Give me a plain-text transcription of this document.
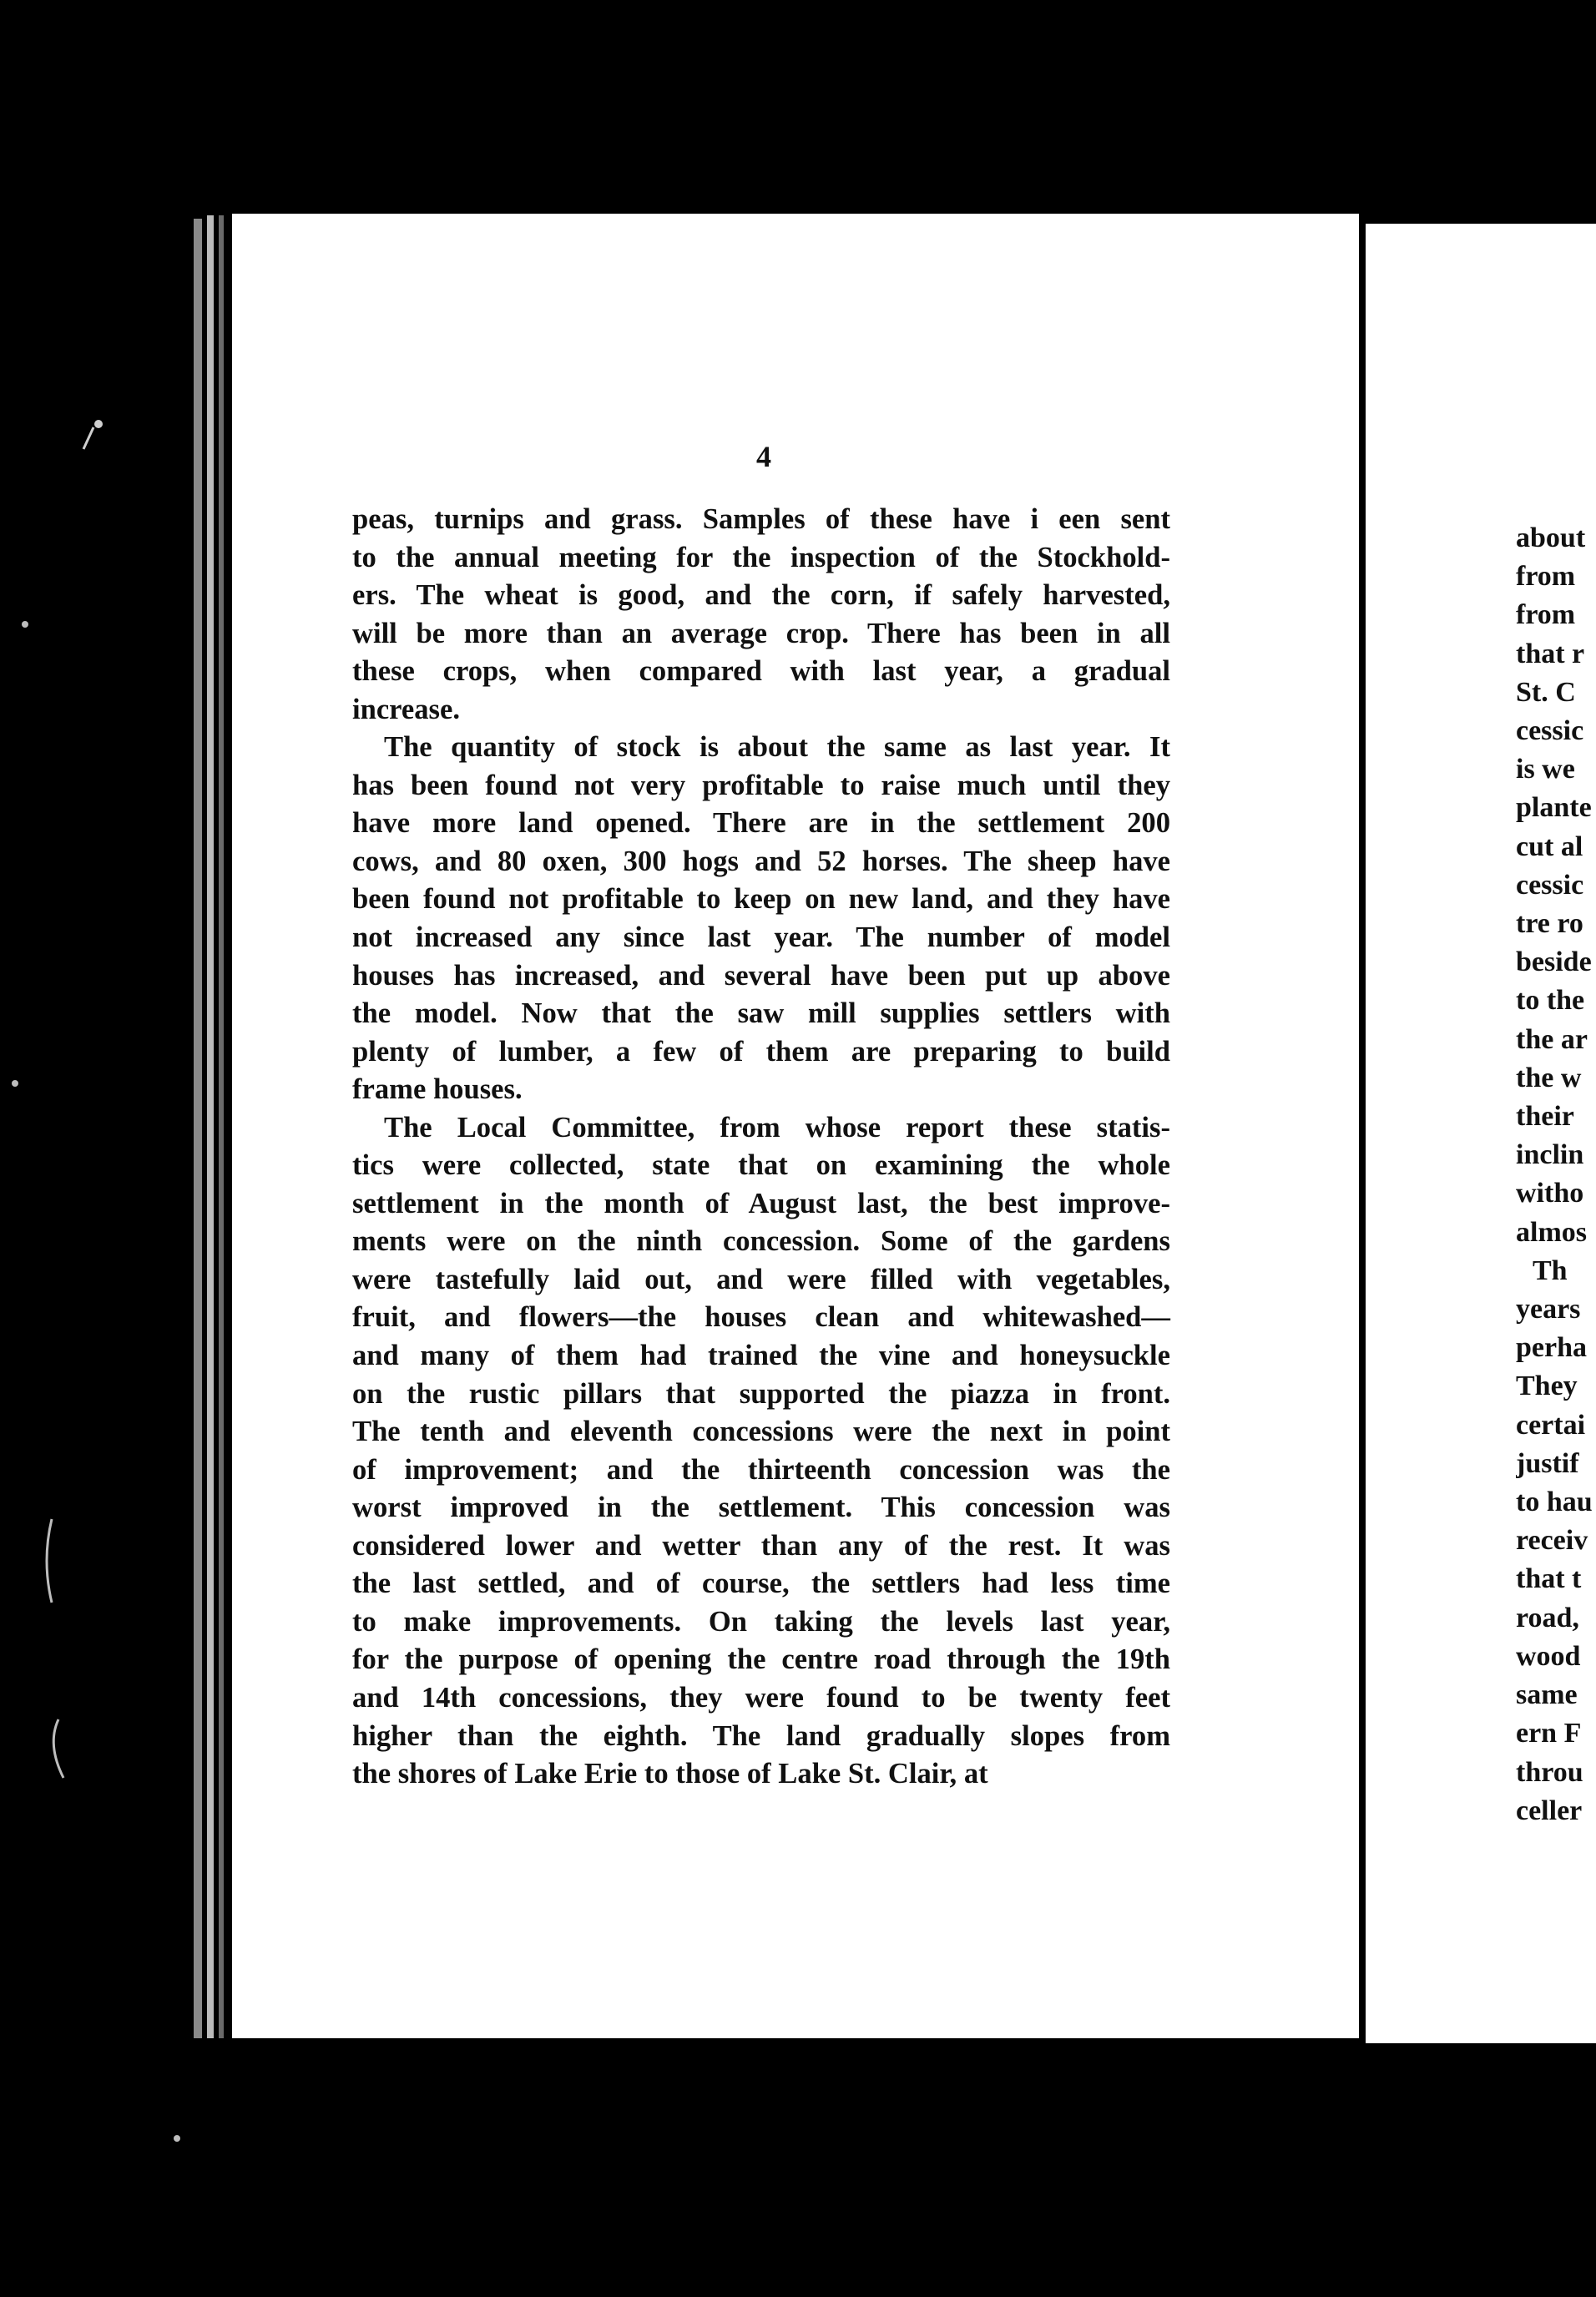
4
peas, turnips and grass. Samples of these have i een sent
to the annual meeting for the inspection of the Stockhold-
ers. The wheat is good, and the corn, if safely harvested,
will be more than an average crop. There has been in all
these crops, when compared with last year, a gradual
increase.
The quantity of stock is about the same as last year. It
has been found not very profitable to raise much until they
have more land opened. There are in the settlement 200
cows, and 80 oxen, 300 hogs and 52 horses. The sheep have
been found not profitable to keep on new land, and they have
not increased any since last year. The number of model
houses has increased, and several have been put up above
the model. Now that the saw mill supplies settlers with
plenty of lumber, a few of them are preparing to build
frame houses.
The Local Committee, from whose report these statis-
tics were collected, state that on examining the whole
settlement in the month of August last, the best improve-
ments were on the ninth concession. Some of the gardens
were tastefully laid out, and were filled with vegetables,
fruit, and flowers—the houses clean and whitewashed—
and many of them had trained the vine and honeysuckle
on the rustic pillars that supported the piazza in front.
The tenth and eleventh concessions were the next in point
of improvement; and the thirteenth concession was the
worst improved in the settlement. This concession was
considered lower and wetter than any of the rest. It was
the last settled, and of course, the settlers had less time
to make improvements. On taking the levels last year,
for the purpose of opening the centre road through the 19th
and 14th concessions, they were found to be twenty feet
higher than the eighth. The land gradually slopes from
the shores of Lake Erie to those of Lake St. Clair, at
about
from
from
that r
St. C
cessic
is we
plante
cut al
cessic
tre ro
beside
to the
the ar
the w
their
inclin
witho
almos
Th
years
perha
They
certai
justif
to hau
receiv
that t
road,
wood
same
ern F
throu
celler
